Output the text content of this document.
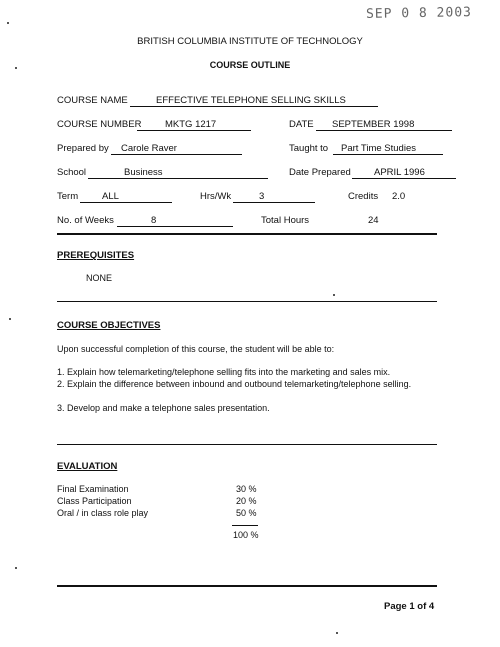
SEP 0 8 2003
BRITISH COLUMBIA INSTITUTE OF TECHNOLOGY
COURSE OUTLINE
COURSE NAME	EFFECTIVE TELEPHONE SELLING SKILLS
COURSE NUMBER	MKTG 1217	DATE	SEPTEMBER 1998
Prepared by	Carole Raver	Taught to	Part Time Studies
School	Business	Date Prepared	APRIL 1996
Term	ALL	Hrs/Wk	3	Credits 2.0
No. of Weeks	8	Total Hours	24
PREREQUISITES
NONE
COURSE OBJECTIVES
Upon successful completion of this course, the student will be able to:
1. Explain how telemarketing/telephone selling fits into the marketing and sales mix.
2. Explain the difference between inbound and outbound telemarketing/telephone selling.
3. Develop and make a telephone sales presentation.
EVALUATION
Final Examination	30 %
Class Participation	20 %
Oral / in class role play	50 %
100 %
Page 1 of 4
